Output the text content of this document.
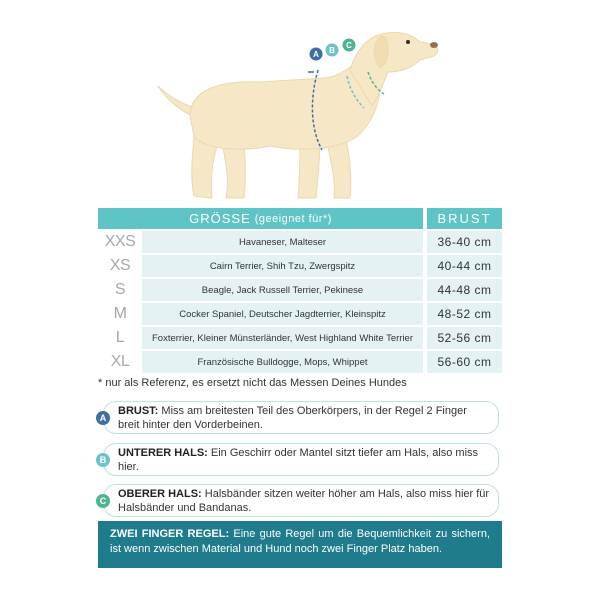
A B
C
GRÖSSE (geeignet für*)	BRUST
XXS	Havaneser, Malteser	36-40 cm
XS	Cairn Terrier, Shih Tzu, Zwergspitz	40-44 cm
S	Beagle, Jack Russell Terrier, Pekinese	44-48 cm
M	Cocker Spaniel, Deutscher Jagdterrier, Kleinspitz	48-52 cm
L	Foxterrier, Kleiner Münsterländer, West Highland White Terrier	52-56 cm
XL	Französische Bulldogge, Mops, Whippet	56-60 cm
* nur als Referenz, es ersetzt nicht das Messen Deines Hundes
A
BRUST: Miss am breitesten Teil des Oberkörpers, in der Regel 2 Finger breit hinter den Vorderbeinen.
B
UNTERER HALS: Ein Geschirr oder Mantel sitzt tiefer am Hals, also miss hier.
C
OBERER HALS: Halsbänder sitzen weiter höher am Hals, also miss hier für Halsbänder und Bandanas.
ZWEI FINGER REGEL: Eine gute Regel um die Bequemlichkeit zu sichern, ist wenn zwischen Material und Hund noch zwei Finger Platz haben.
